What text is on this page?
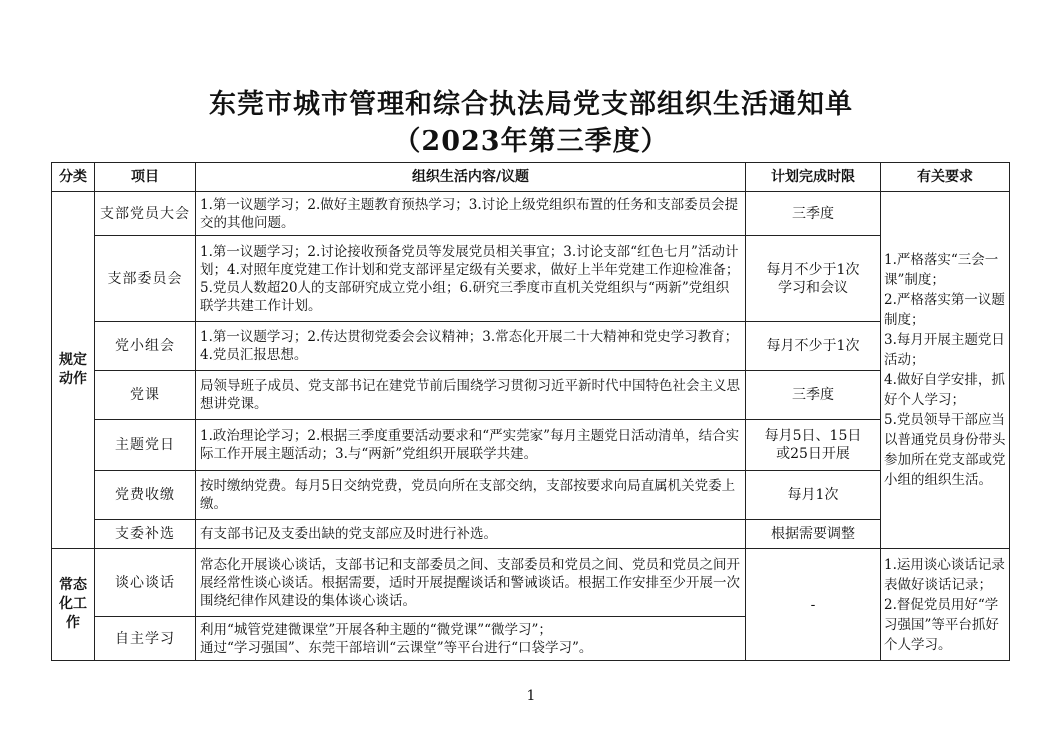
东莞市城市管理和综合执法局党支部组织生活通知单
（2023年第三季度）
分类	项目	组织生活内容/议题	计划完成时限	有关要求

规定动作	支部党员大会	1.第一议题学习；2.做好主题教育预热学习；3.讨论上级党组织布置的任务和支部委员会提交的其他问题。	三季度	1.严格落实“三会一课”制度；
2.严格落实第一议题制度；
3.每月开展主题党日活动；
4.做好自学安排，抓好个人学习；
5.党员领导干部应当以普通党员身份带头参加所在党支部或党小组的组织生活。
	支部委员会	1.第一议题学习；2.讨论接收预备党员等发展党员相关事宜；3.讨论支部“红色七月”活动计划；4.对照年度党建工作计划和党支部评星定级有关要求，做好上半年党建工作迎检准备；5.党员人数超20人的支部研究成立党小组；6.研究三季度市直机关党组织与“两新”党组织联学共建工作计划。	每月不少于1次学习和会议	

	党小组会	1.第一议题学习；2.传达贯彻党委会会议精神；3.常态化开展二十大精神和党史学习教育；4.党员汇报思想。	每月不少于1次	
	党课	局领导班子成员、党支部书记在建党节前后围绕学习贯彻习近平新时代中国特色社会主义思想讲党课。	三季度	
	主题党日	1.政治理论学习；2.根据三季度重要活动要求和“严实莞家”每月主题党日活动清单，结合实际工作开展主题活动；3.与“两新”党组织开展联学共建。	每月5日、15日或25日开展	

	党费收缴	按时缴纳党费。每月5日交纳党费，党员向所在支部交纳，支部按要求向局直属机关党委上缴。	每月1次	
	支委补选	有支部书记及支委出缺的党支部应及时进行补选。	根据需要调整	

常态化工作	谈心谈话	常态化开展谈心谈话，支部书记和支部委员之间、支部委员和党员之间、党员和党员之间开展经常性谈心谈话。根据需要，适时开展提醒谈话和警诫谈话。根据工作安排至少开展一次围绕纪律作风建设的集体谈心谈话。	-	1.运用谈心谈话记录表做好谈话记录；
2.督促党员用好“学习强国”等平台抓好个人学习。
	自主学习	利用“城管党建微课堂”开展各种主题的“微党课”“微学习”；
通过“学习强国”、东莞干部培训“云课堂”等平台进行“口袋学习”。		
1
